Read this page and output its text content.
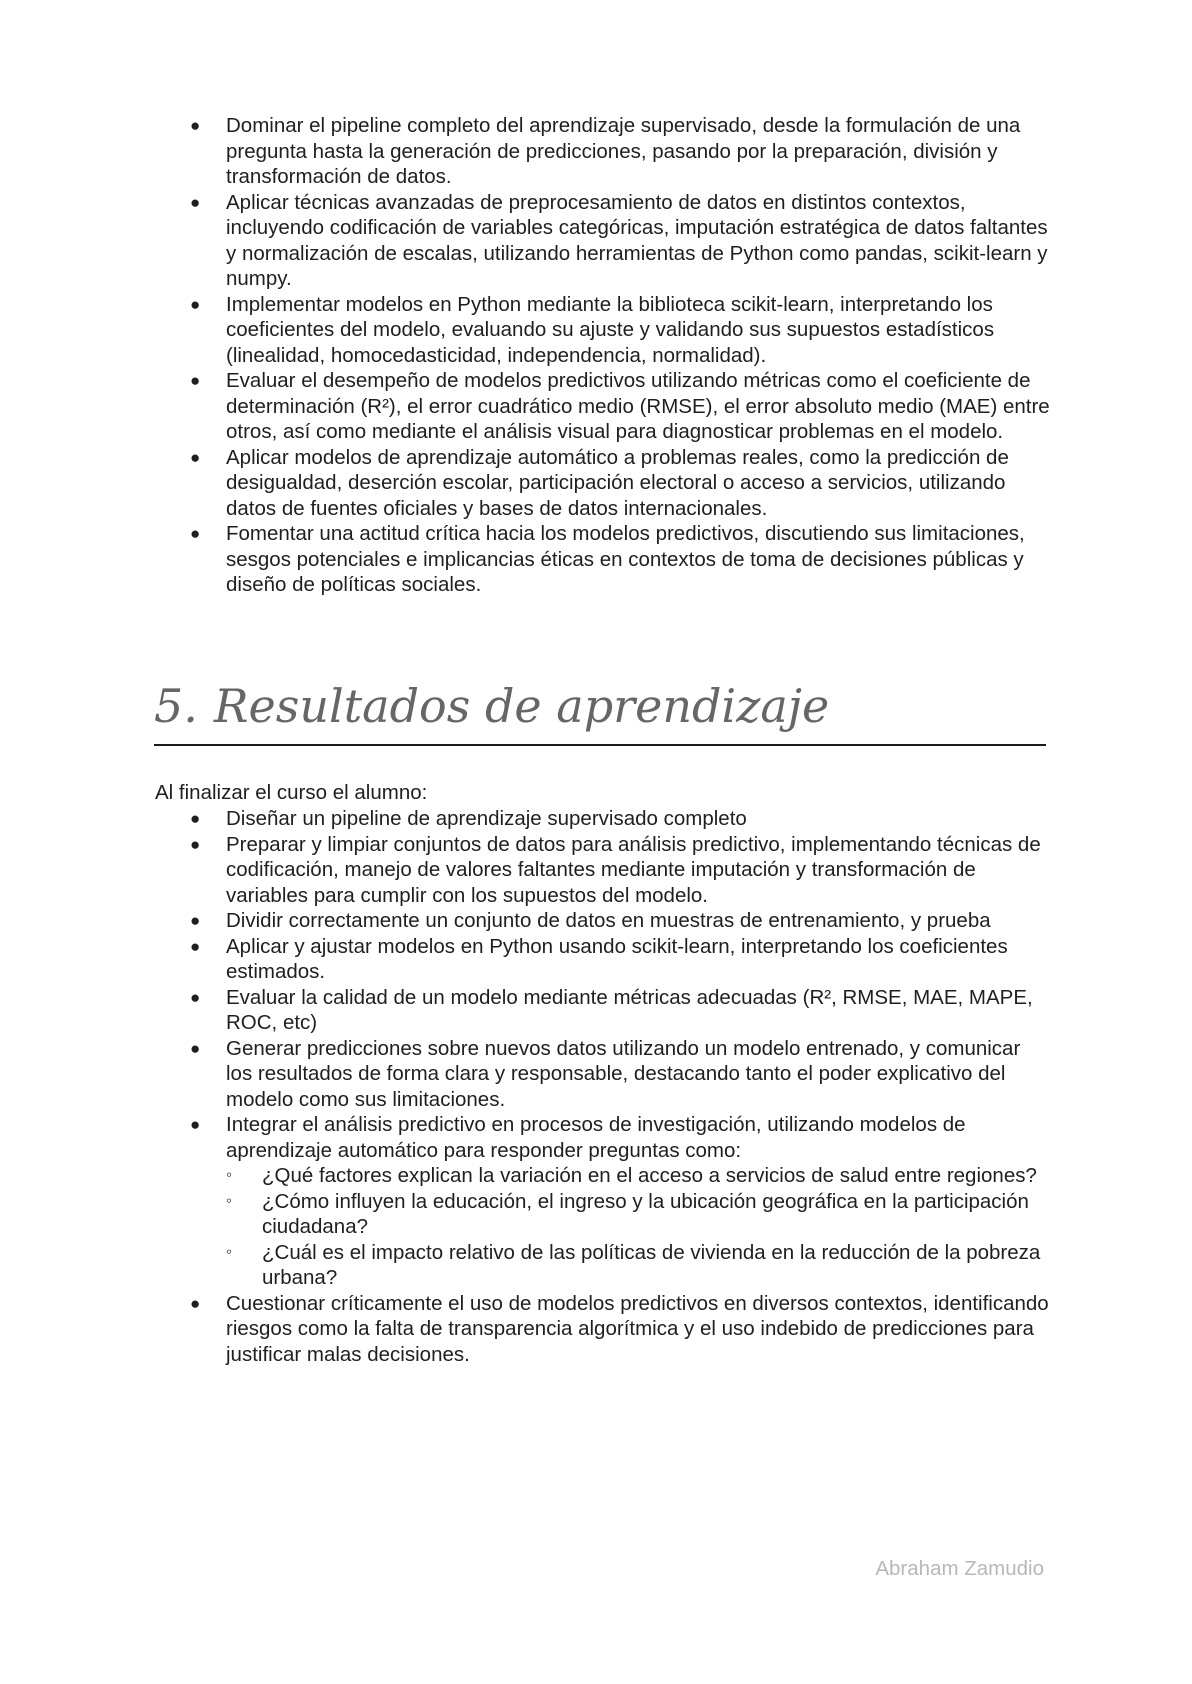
● Dominar el pipeline completo del aprendizaje supervisado, desde la formulación de una pregunta hasta la generación de predicciones, pasando por la preparación, división y transformación de datos.
● Aplicar técnicas avanzadas de preprocesamiento de datos en distintos contextos, incluyendo codificación de variables categóricas, imputación estratégica de datos faltantes y normalización de escalas, utilizando herramientas de Python como pandas, scikit-learn y numpy.
● Implementar modelos en Python mediante la biblioteca scikit-learn, interpretando los coeficientes del modelo, evaluando su ajuste y validando sus supuestos estadísticos (linealidad, homocedasticidad, independencia, normalidad).
● Evaluar el desempeño de modelos predictivos utilizando métricas como el coeficiente de determinación (R²), el error cuadrático medio (RMSE), el error absoluto medio (MAE) entre otros, así como mediante el análisis visual para diagnosticar problemas en el modelo.
● Aplicar modelos de aprendizaje automático a problemas reales, como la predicción de desigualdad, deserción escolar, participación electoral o acceso a servicios, utilizando datos de fuentes oficiales y bases de datos internacionales.
● Fomentar una actitud crítica hacia los modelos predictivos, discutiendo sus limitaciones, sesgos potenciales e implicancias éticas en contextos de toma de decisiones públicas y diseño de políticas sociales.
5. Resultados de aprendizaje

Al finalizar el curso el alumno:

● Diseñar un pipeline de aprendizaje supervisado completo
● Preparar y limpiar conjuntos de datos para análisis predictivo, implementando técnicas de codificación, manejo de valores faltantes mediante imputación y transformación de variables para cumplir con los supuestos del modelo.
● Dividir correctamente un conjunto de datos en muestras de entrenamiento, y prueba
● Aplicar y ajustar modelos en Python usando scikit-learn, interpretando los coeficientes estimados.
● Evaluar la calidad de un modelo mediante métricas adecuadas (R², RMSE, MAE, MAPE, ROC, etc)
● Generar predicciones sobre nuevos datos utilizando un modelo entrenado, y comunicar los resultados de forma clara y responsable, destacando tanto el poder explicativo del modelo como sus limitaciones.
● Integrar el análisis predictivo en procesos de investigación, utilizando modelos de aprendizaje automático para responder preguntas como:
◦ ¿Qué factores explican la variación en el acceso a servicios de salud entre regiones?
◦ ¿Cómo influyen la educación, el ingreso y la ubicación geográfica en la participación ciudadana?
◦ ¿Cuál es el impacto relativo de las políticas de vivienda en la reducción de la pobreza urbana?
● Cuestionar críticamente el uso de modelos predictivos en diversos contextos, identificando riesgos como la falta de transparencia algorítmica y el uso indebido de predicciones para justificar malas decisiones.

Abraham Zamudio
